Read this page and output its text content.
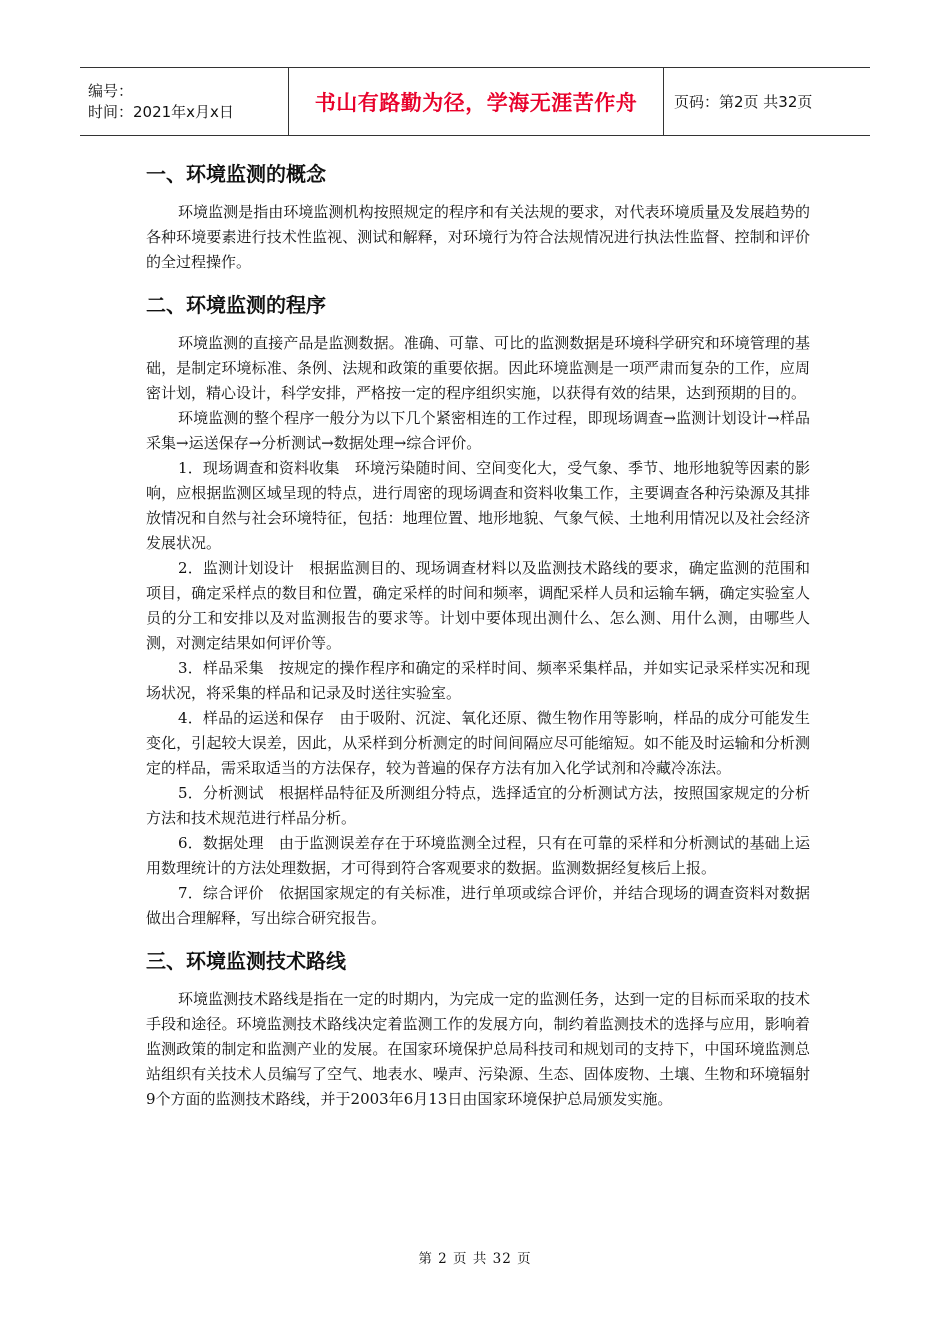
编号：
时间：2021年x月x日	书山有路勤为径，学海无涯苦作舟	页码：第2页 共32页
一、环境监测的概念

环境监测是指由环境监测机构按照规定的程序和有关法规的要求，对代表环境质量及发展趋势的各种环境要素进行技术性监视、测试和解释，对环境行为符合法规情况进行执法性监督、控制和评价的全过程操作。

二、环境监测的程序

环境监测的直接产品是监测数据。准确、可靠、可比的监测数据是环境科学研究和环境管理的基础，是制定环境标准、条例、法规和政策的重要依据。因此环境监测是一项严肃而复杂的工作，应周密计划，精心设计，科学安排，严格按一定的程序组织实施，以获得有效的结果，达到预期的目的。

环境监测的整个程序一般分为以下几个紧密相连的工作过程，即现场调查→监测计划设计→样品采集→运送保存→分析测试→数据处理→综合评价。

1．现场调查和资料收集　环境污染随时间、空间变化大，受气象、季节、地形地貌等因素的影响，应根据监测区域呈现的特点，进行周密的现场调查和资料收集工作，主要调查各种污染源及其排放情况和自然与社会环境特征，包括：地理位置、地形地貌、气象气候、土地利用情况以及社会经济发展状况。

2．监测计划设计　根据监测目的、现场调查材料以及监测技术路线的要求，确定监测的范围和项目，确定采样点的数目和位置，确定采样的时间和频率，调配采样人员和运输车辆，确定实验室人员的分工和安排以及对监测报告的要求等。计划中要体现出测什么、怎么测、用什么测，由哪些人测，对测定结果如何评价等。

3．样品采集　按规定的操作程序和确定的采样时间、频率采集样品，并如实记录采样实况和现场状况，将采集的样品和记录及时送往实验室。

4．样品的运送和保存　由于吸附、沉淀、氧化还原、微生物作用等影响，样品的成分可能发生变化，引起较大误差，因此，从采样到分析测定的时间间隔应尽可能缩短。如不能及时运输和分析测定的样品，需采取适当的方法保存，较为普遍的保存方法有加入化学试剂和冷藏冷冻法。

5．分析测试　根据样品特征及所测组分特点，选择适宜的分析测试方法，按照国家规定的分析方法和技术规范进行样品分析。

6．数据处理　由于监测误差存在于环境监测全过程，只有在可靠的采样和分析测试的基础上运用数理统计的方法处理数据，才可得到符合客观要求的数据。监测数据经复核后上报。

7．综合评价　依据国家规定的有关标准，进行单项或综合评价，并结合现场的调查资料对数据做出合理解释，写出综合研究报告。

三、环境监测技术路线

环境监测技术路线是指在一定的时期内，为完成一定的监测任务，达到一定的目标而采取的技术手段和途径。环境监测技术路线决定着监测工作的发展方向，制约着监测技术的选择与应用，影响着监测政策的制定和监测产业的发展。在国家环境保护总局科技司和规划司的支持下，中国环境监测总站组织有关技术人员编写了空气、地表水、噪声、污染源、生态、固体废物、土壤、生物和环境辐射9个方面的监测技术路线，并于2003年6月13日由国家环境保护总局颁发实施。

第 2 页 共 32 页
